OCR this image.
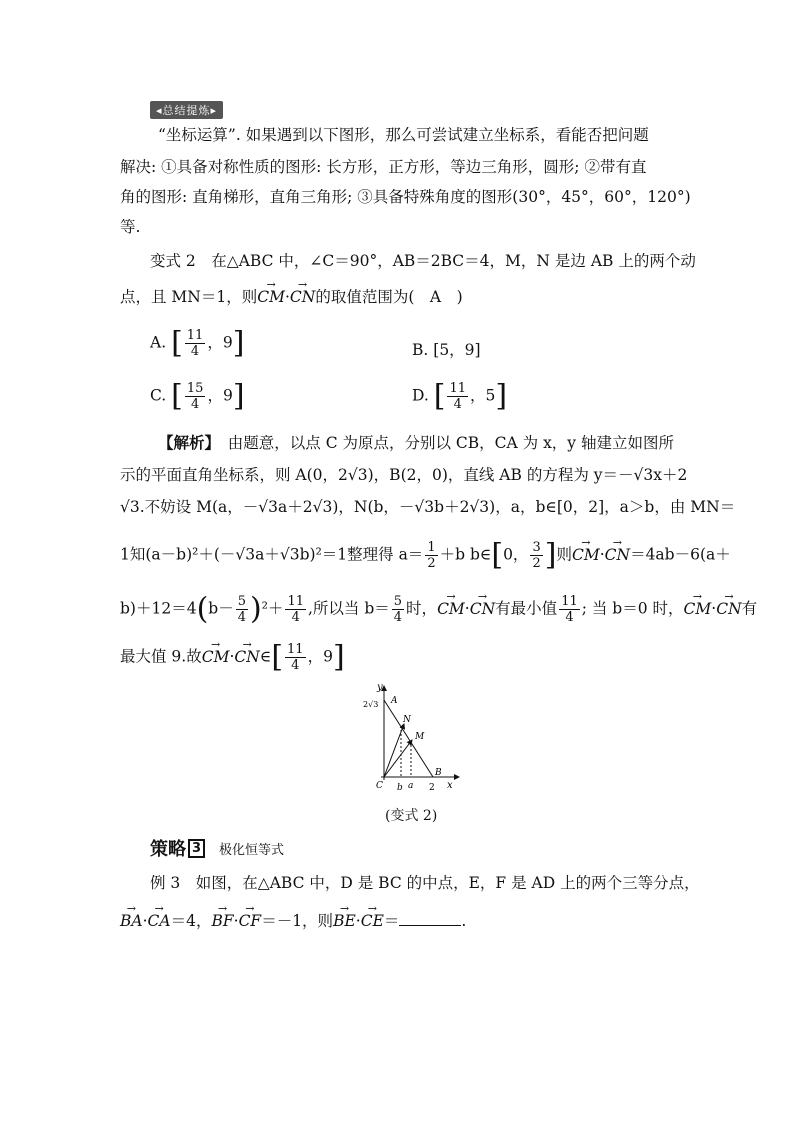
◂总结提炼▸
“坐标运算”. 如果遇到以下图形，那么可尝试建立坐标系，看能否把问题
解决: ①具备对称性质的图形: 长方形，正方形，等边三角形，圆形; ②带有直
角的图形: 直角梯形，直角三角形; ③具备特殊角度的图形(30°，45°，60°，120°)
等.
变式 2　在△ABC 中，∠C＝90°，AB＝2BC＝4，M，N 是边 AB 上的两个动
点，且 MN＝1，则→ CM·→ CN的取值范围为(　A　)
A. [ $\frac{11}{4}$ ，9]	B. [5，9]
C. [ $\frac{15}{4}$ ，9]	D. [ $\frac{11}{4}$ ，5]
【解析】　由题意，以点 C 为原点，分别以 CB，CA 为 x，y 轴建立如图所
示的平面直角坐标系，则 A(0，2√3)，B(2，0)，直线 AB 的方程为 y＝－√3x＋2
√3.不妨设 M(a，－√3a＋2√3)，N(b，－√3b＋2√3)，a，b∈[0，2]，a＞b，由 MN＝
1知(a－b)²＋(－√3a＋√3b)²＝1整理得 $a= \frac{1}{2} +b$ b∈[0， $\frac{3}{2}$ ]则→ CM·→ CN＝4ab－6(a＋
$b)+12=4(b- \frac{5}{4} )^2+ \frac{11}{4}$ ,所以当 $b= \frac{5}{4}$ 时，→ CM·→ CN有最小值 $\frac{11}{4}$ ; 当 b＝0 时，→ CM·→ CN有
最大值 9.故→ CM·→ CN∈[ $\frac{11}{4}$ ，9]
y
2√3 A
N
M
B
C b a 2 x
(变式 2)
策略 3	极化恒等式
例 3　如图，在△ABC 中，D 是 BC 的中点，E，F 是 AD 上的两个三等分点，
→ BA·→ CA＝4，→ BF·→ CF＝－1，则→ BE·→ CE＝	.
